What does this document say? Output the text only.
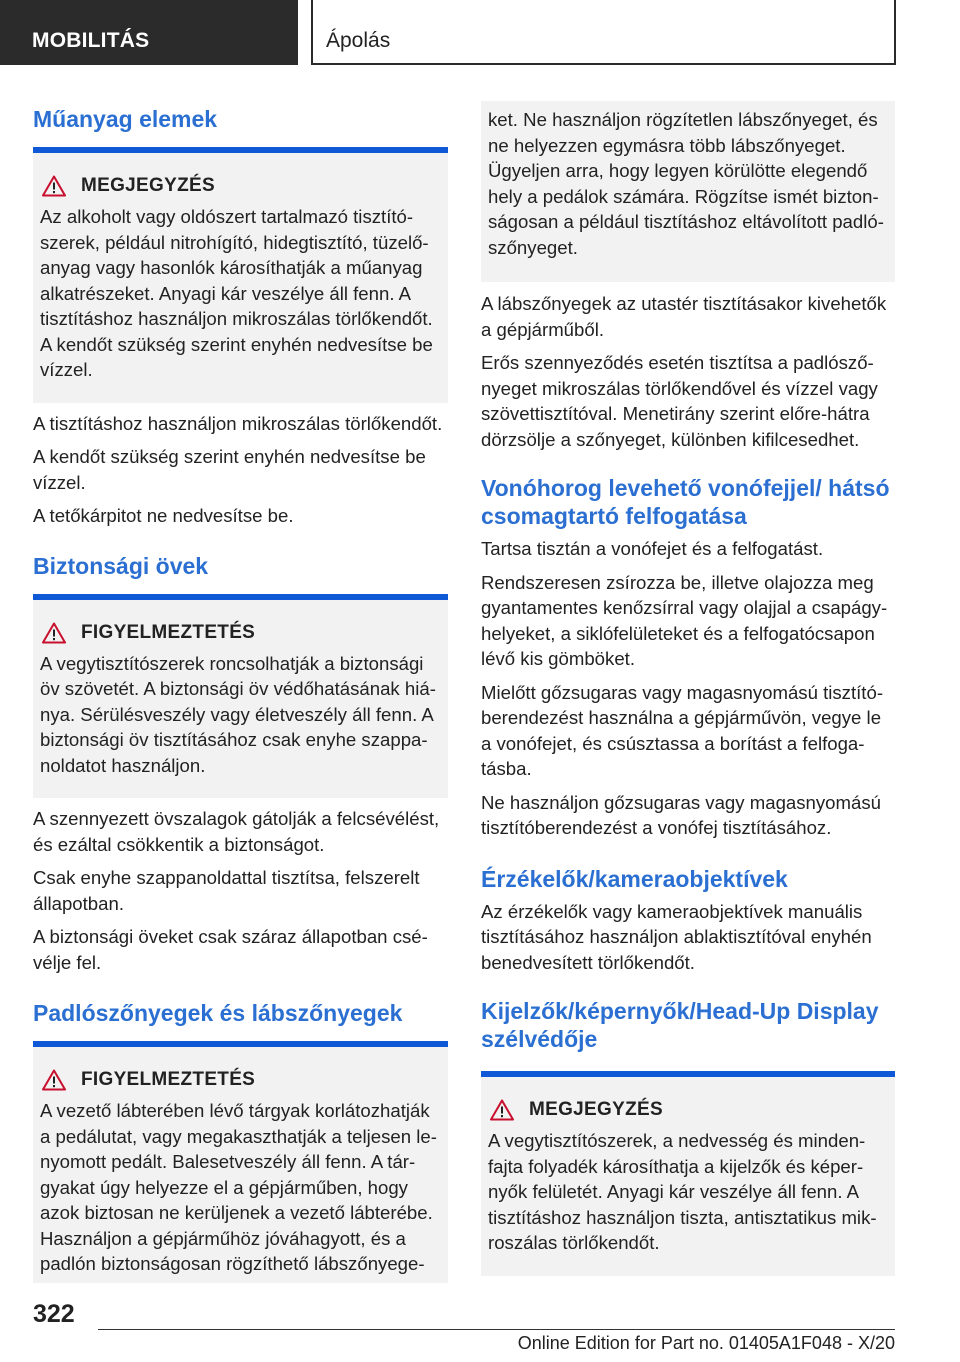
MOBILITÁS	Ápolás
Műanyag elemek
MEGJEGYZÉS

Az alkoholt vagy oldószert tartalmazó tisztító-szerek, például nitrohígító, hidegtisztító, tüzelő-anyag vagy hasonlók károsíthatják a műanyag alkatrészeket. Anyagi kár veszélye áll fenn. A tisztításhoz használjon mikroszálas törlőkendőt. A kendőt szükség szerint enyhén nedvesítse be vízzel.

A tisztításhoz használjon mikroszálas törlőkendőt.

A kendőt szükség szerint enyhén nedvesítse be vízzel.

A tetőkárpitot ne nedvesítse be.

Biztonsági övek
FIGYELMEZTETÉS

A vegytisztítószerek roncsolhatják a biztonsági öv szövetét. A biztonsági öv védőhatásának hiá-nya. Sérülésveszély vagy életveszély áll fenn. A biztonsági öv tisztításához csak enyhe szappa-noldatot használjon.

A szennyezett övszalagok gátolják a felcsévélést, és ezáltal csökkentik a biztonságot.

Csak enyhe szappanoldattal tisztítsa, felszerelt állapotban.

A biztonsági öveket csak száraz állapotban csé-vélje fel.

Padlószőnyegek és lábszőnyegek
FIGYELMEZTETÉS

A vezető lábterében lévő tárgyak korlátozhatják a pedálutat, vagy megakaszthatják a teljesen le-nyomott pedált. Balesetveszély áll fenn. A tár-gyakat úgy helyezze el a gépjárműben, hogy azok biztosan ne kerüljenek a vezető lábterébe. Használjon a gépjárműhöz jóváhagyott, és a padlón biztonságosan rögzíthető lábszőnyege-

ket. Ne használjon rögzítetlen lábszőnyeget, és ne helyezzen egymásra több lábszőnyeget. Ügyeljen arra, hogy legyen körülötte elegendő hely a pedálok számára. Rögzítse ismét bizton-ságosan a például tisztításhoz eltávolított padló-szőnyeget.

A lábszőnyegek az utastér tisztításakor kivehetők a gépjárműből.

Erős szennyeződés esetén tisztítsa a padlósző-nyeget mikroszálas törlőkendővel és vízzel vagy szövettisztítóval. Menetirány szerint előre-hátra dörzsölje a szőnyeget, különben kifilcesedhet.

Vonóhorog levehető vonófejjel/ hátsó csomagtartó felfogatása

Tartsa tisztán a vonófejet és a felfogatást.

Rendszeresen zsírozza be, illetve olajozza meg gyantamentes kenőzsírral vagy olajjal a csapágy-helyeket, a siklófelületeket és a felfogatócsapon lévő kis gömböket.

Mielőtt gőzsugaras vagy magasnyomású tisztító-berendezést használna a gépjárművön, vegye le a vonófejet, és csúsztassa a borítást a felfoga-tásba.

Ne használjon gőzsugaras vagy magasnyomású tisztítóberendezést a vonófej tisztításához.

Érzékelők/kameraobjektívek

Az érzékelők vagy kameraobjektívek manuális tisztításához használjon ablaktisztítóval enyhén benedvesített törlőkendőt.

Kijelzők/képernyők/Head-Up Display szélvédője
MEGJEGYZÉS

A vegytisztítószerek, a nedvesség és minden-fajta folyadék károsíthatja a kijelzők és képer-nyők felületét. Anyagi kár veszélye áll fenn. A tisztításhoz használjon tiszta, antisztatikus mik-roszálas törlőkendőt.

322
Online Edition for Part no. 01405A1F048 - X/20
